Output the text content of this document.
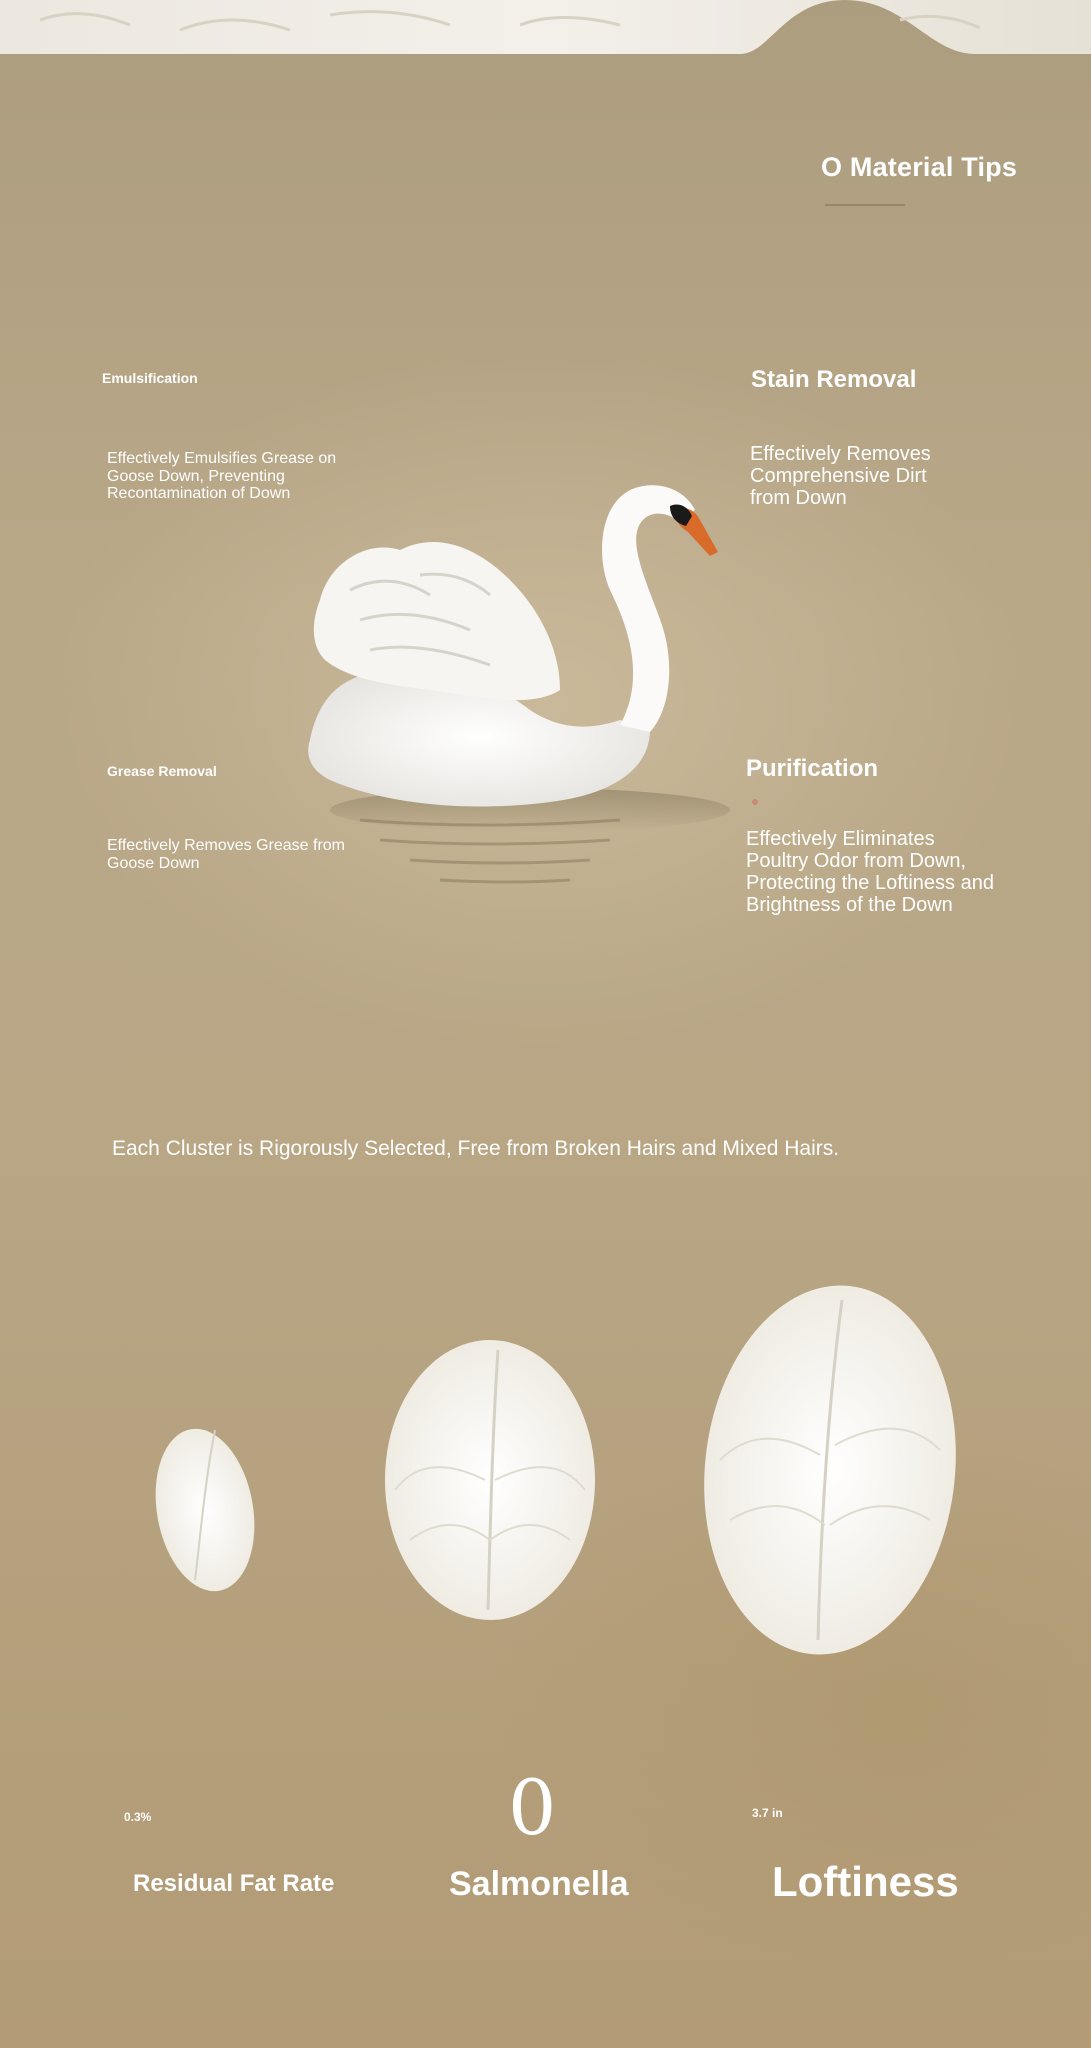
O Material Tips
Emulsification
Effectively Emulsifies Grease on Goose Down, Preventing Recontamination of Down
Stain Removal
Effectively Removes Comprehensive Dirt from Down
Grease Removal
Effectively Removes Grease from Goose Down
Purification
Effectively Eliminates Poultry Odor from Down, Protecting the Loftiness and Brightness of the Down
Each Cluster is Rigorously Selected, Free from Broken Hairs and Mixed Hairs.
0.3%
Residual Fat Rate
0
Salmonella
3.7 in
Loftiness
